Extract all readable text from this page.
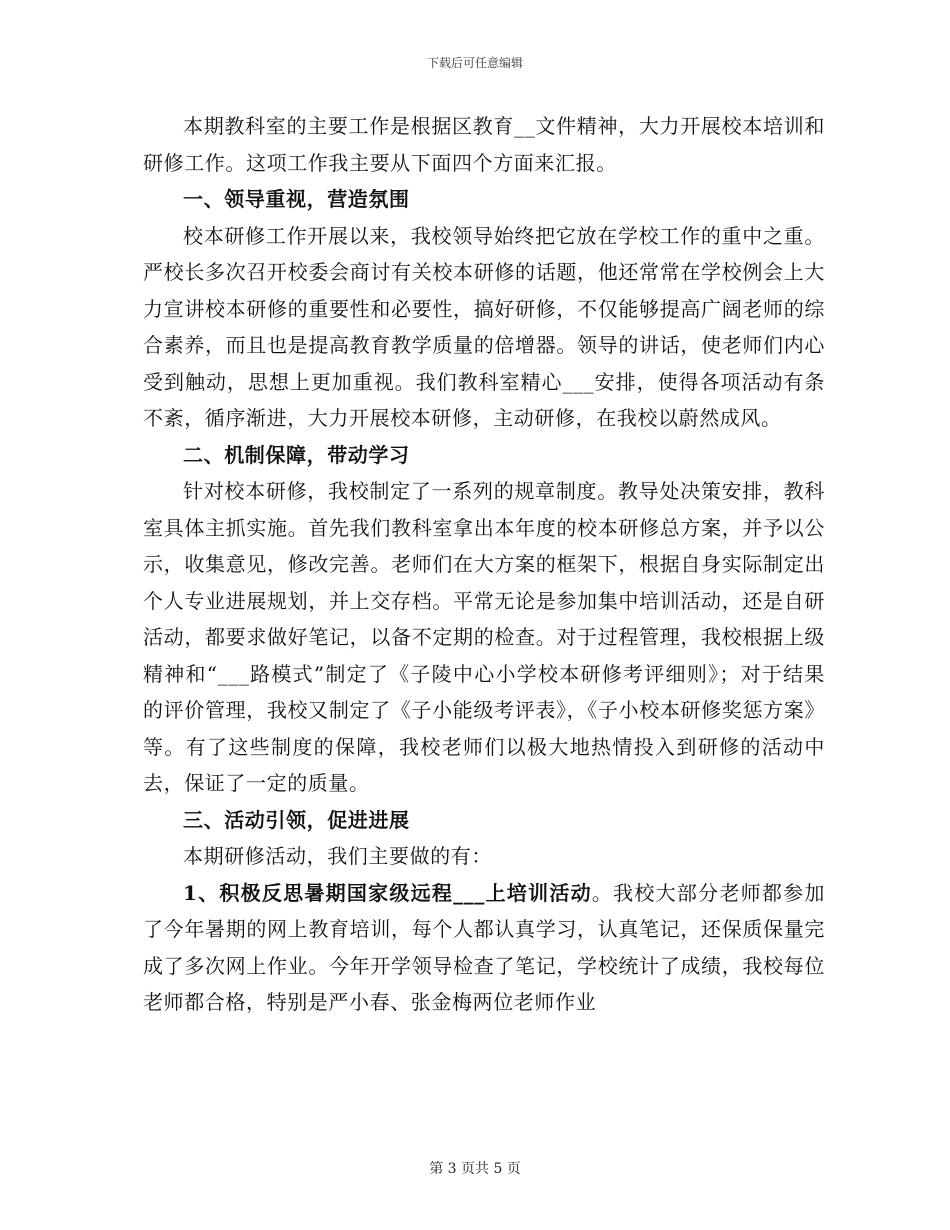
下载后可任意编辑

本期教科室的主要工作是根据区教育__文件精神，大力开展校本培训和研修工作。这项工作我主要从下面四个方面来汇报。

一、领导重视，营造氛围

校本研修工作开展以来，我校领导始终把它放在学校工作的重中之重。严校长多次召开校委会商讨有关校本研修的话题，他还常常在学校例会上大力宣讲校本研修的重要性和必要性，搞好研修，不仅能够提高广阔老师的综合素养，而且也是提高教育教学质量的倍增器。领导的讲话，使老师们内心受到触动，思想上更加重视。我们教科室精心___安排，使得各项活动有条不紊，循序渐进，大力开展校本研修，主动研修，在我校以蔚然成风。

二、机制保障，带动学习

针对校本研修，我校制定了一系列的规章制度。教导处决策安排，教科室具体主抓实施。首先我们教科室拿出本年度的校本研修总方案，并予以公示，收集意见，修改完善。老师们在大方案的框架下，根据自身实际制定出个人专业进展规划，并上交存档。平常无论是参加集中培训活动，还是自研活动，都要求做好笔记，以备不定期的检查。对于过程管理，我校根据上级精神和“___路模式”制定了《子陵中心小学校本研修考评细则》；对于结果的评价管理，我校又制定了《子小能级考评表》，《子小校本研修奖惩方案》等。有了这些制度的保障，我校老师们以极大地热情投入到研修的活动中去，保证了一定的质量。

三、活动引领，促进进展

本期研修活动，我们主要做的有：

1、积极反思暑期国家级远程___上培训活动。我校大部分老师都参加了今年暑期的网上教育培训，每个人都认真学习，认真笔记，还保质保量完成了多次网上作业。今年开学领导检查了笔记，学校统计了成绩，我校每位老师都合格，特别是严小春、张金梅两位老师作业

第 3 页共 5 页
